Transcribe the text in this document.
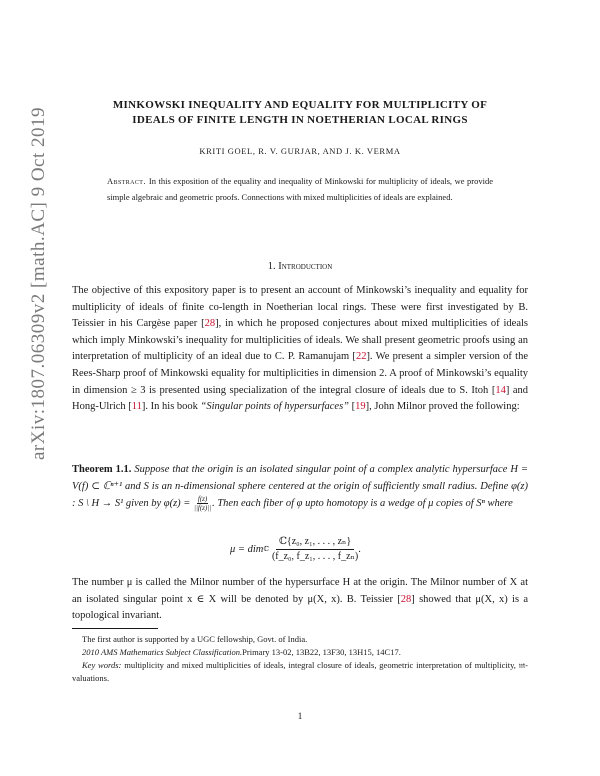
arXiv:1807.06309v2 [math.AC] 9 Oct 2019
MINKOWSKI INEQUALITY AND EQUALITY FOR MULTIPLICITY OF
IDEALS OF FINITE LENGTH IN NOETHERIAN LOCAL RINGS
KRITI GOEL, R. V. GURJAR, AND J. K. VERMA
Abstract. In this exposition of the equality and inequality of Minkowski for multiplicity of ideals, we provide simple algebraic and geometric proofs. Connections with mixed multiplicities of ideals are explained.
1. Introduction
The objective of this expository paper is to present an account of Minkowski’s inequality and equality for multiplicity of ideals of finite co-length in Noetherian local rings. These were first investigated by B. Teissier in his Cargèse paper [28], in which he proposed conjectures about mixed multiplicities of ideals which imply Minkowski’s inequality for multiplicities of ideals. We shall present geometric proofs using an interpretation of multiplicity of an ideal due to C. P. Ramanujam [22]. We present a simpler version of the Rees-Sharp proof of Minkowski equality for multiplicities in dimension 2. A proof of Minkowski’s equality in dimension ≥ 3 is presented using specialization of the integral closure of ideals due to S. Itoh [14] and Hong-Ulrich [11]. In his book “Singular points of hypersurfaces” [19], John Milnor proved the following:
Theorem 1.1. Suppose that the origin is an isolated singular point of a complex analytic hypersurface H = V(f) ⊂ ℂⁿ⁺¹ and S is an n-dimensional sphere centered at the origin of sufficiently small radius. Define φ(z) : S \ H → S¹ given by $\varphi(z) = \frac{f(z)}{||f(z)||}$ . Then each fiber of φ upto homotopy is a wedge of μ copies of Sⁿ where
μ = dim ℂ
ℂ{z₀, z₁, . . . , zₙ}
(f_z₀, f_z₁, . . . , f_zₙ)
.
The number μ is called the Milnor number of the hypersurface H at the origin. The Milnor number of X at an isolated singular point x ∈ X will be denoted by μ(X, x). B. Teissier [28] showed that μ(X, x) is a topological invariant.

The first author is supported by a UGC fellowship, Govt. of India.

2010 AMS Mathematics Subject Classification.Primary 13-02, 13B22, 13F30, 13H15, 14C17.

Key words: multiplicity and mixed multiplicities of ideals, integral closure of ideals, geometric interpretation of multiplicity, 𝔪-valuations.

1
